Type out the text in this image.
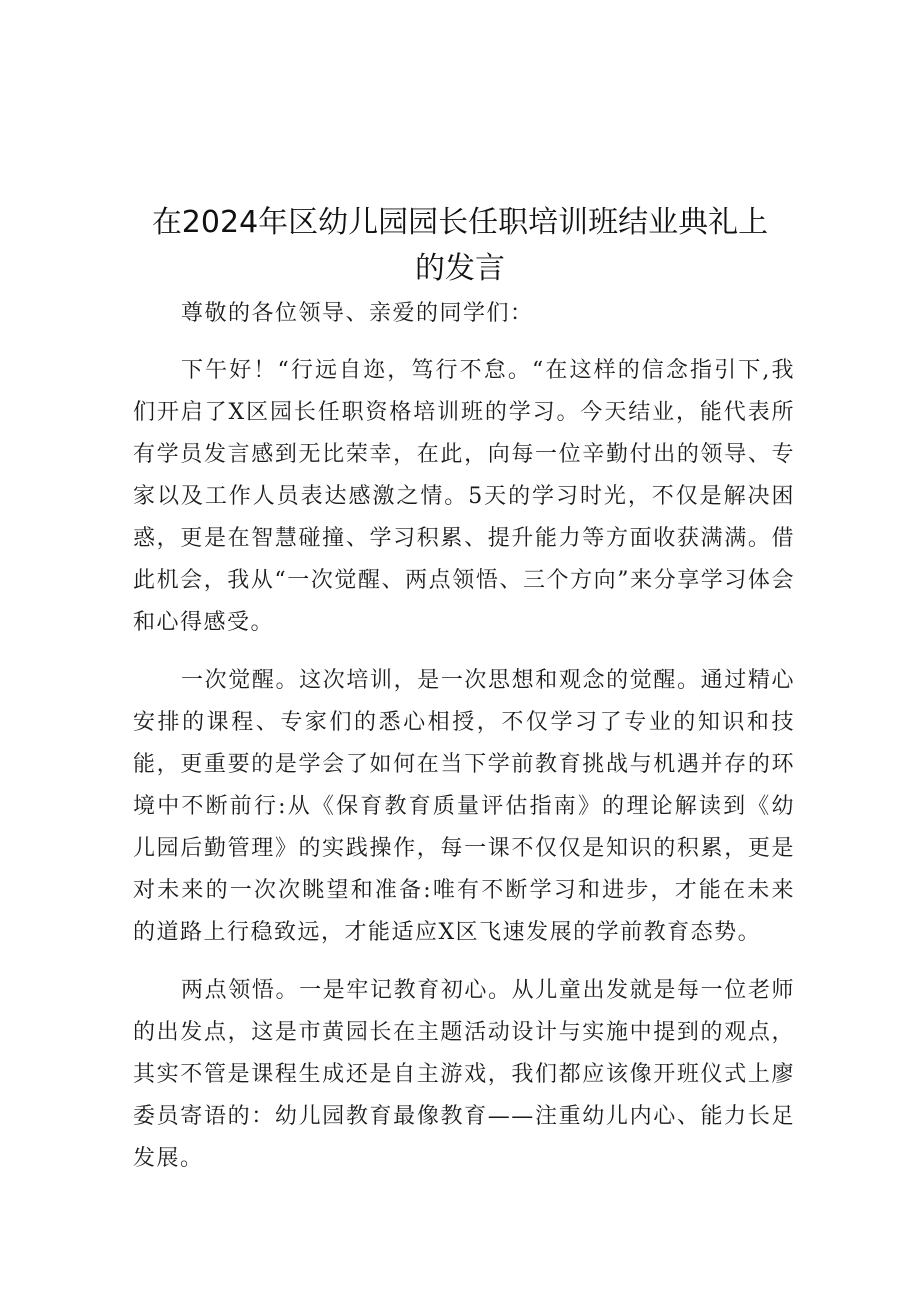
在2024年区幼儿园园长任职培训班结业典礼上
的发言

尊敬的各位领导、亲爱的同学们：

下午好！“行远自迩，笃行不怠。“在这样的信念指引下,我们开启了X区园长任职资格培训班的学习。今天结业，能代表所有学员发言感到无比荣幸，在此，向每一位辛勤付出的领导、专家以及工作人员表达感激之情。5天的学习时光，不仅是解决困惑，更是在智慧碰撞、学习积累、提升能力等方面收获满满。借此机会，我从“一次觉醒、两点领悟、三个方向”来分享学习体会和心得感受。

一次觉醒。这次培训，是一次思想和观念的觉醒。通过精心安排的课程、专家们的悉心相授，不仅学习了专业的知识和技能，更重要的是学会了如何在当下学前教育挑战与机遇并存的环境中不断前行:从《保育教育质量评估指南》的理论解读到《幼儿园后勤管理》的实践操作，每一课不仅仅是知识的积累，更是对未来的一次次眺望和准备:唯有不断学习和进步，才能在未来的道路上行稳致远，才能适应X区飞速发展的学前教育态势。

两点领悟。一是牢记教育初心。从儿童出发就是每一位老师的出发点，这是市黄园长在主题活动设计与实施中提到的观点，其实不管是课程生成还是自主游戏，我们都应该像开班仪式上廖委员寄语的：幼儿园教育最像教育——注重幼儿内心、能力长足发展。
